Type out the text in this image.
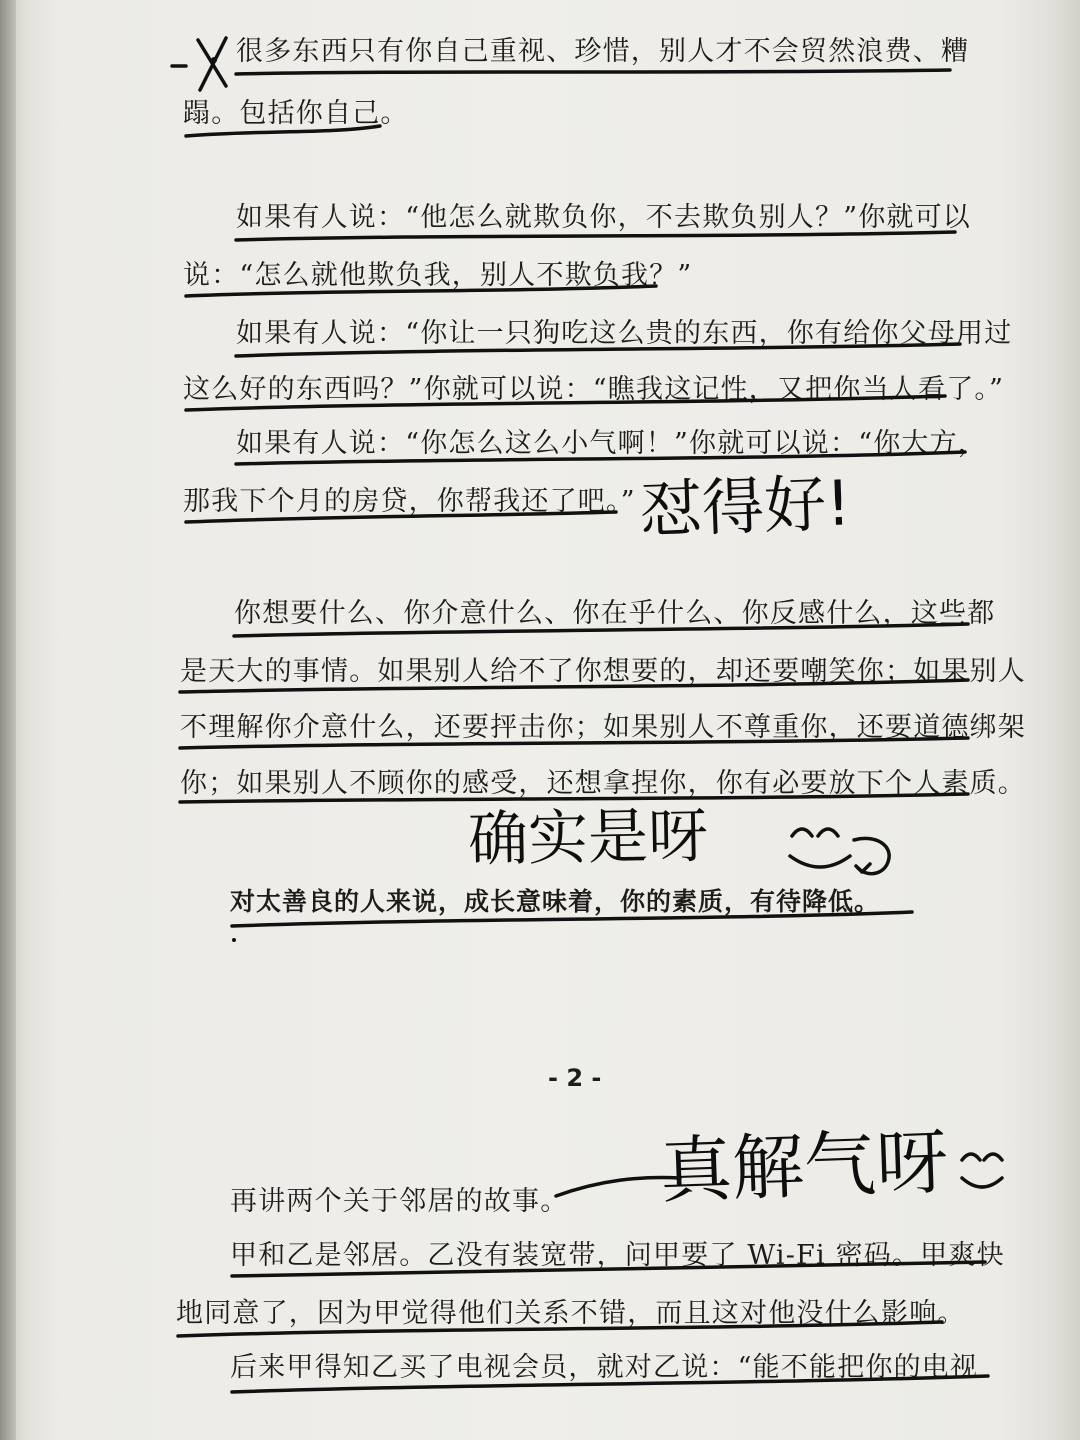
很多东西只有你自己重视、珍惜，别人才不会贸然浪费、糟
蹋。包括你自己。
如果有人说：“他怎么就欺负你，不去欺负别人？”你就可以
说：“怎么就他欺负我，别人不欺负我？”
如果有人说：“你让一只狗吃这么贵的东西，你有给你父母用过
这么好的东西吗？”你就可以说：“瞧我这记性，又把你当人看了。”
如果有人说：“你怎么这么小气啊！”你就可以说：“你大方，
那我下个月的房贷，你帮我还了吧。”
你想要什么、你介意什么、你在乎什么、你反感什么，这些都
是天大的事情。如果别人给不了你想要的，却还要嘲笑你；如果别人
不理解你介意什么，还要抨击你；如果别人不尊重你，还要道德绑架
你；如果别人不顾你的感受，还想拿捏你，你有必要放下个人素质。
对太善良的人来说，成长意味着，你的素质，有待降低。
- 2 -
再讲两个关于邻居的故事。
甲和乙是邻居。乙没有装宽带，问甲要了 Wi-Fi 密码。甲爽快
地同意了，因为甲觉得他们关系不错，而且这对他没什么影响。
后来甲得知乙买了电视会员，就对乙说：“能不能把你的电视
怼得好!
确实是呀
真解气呀
